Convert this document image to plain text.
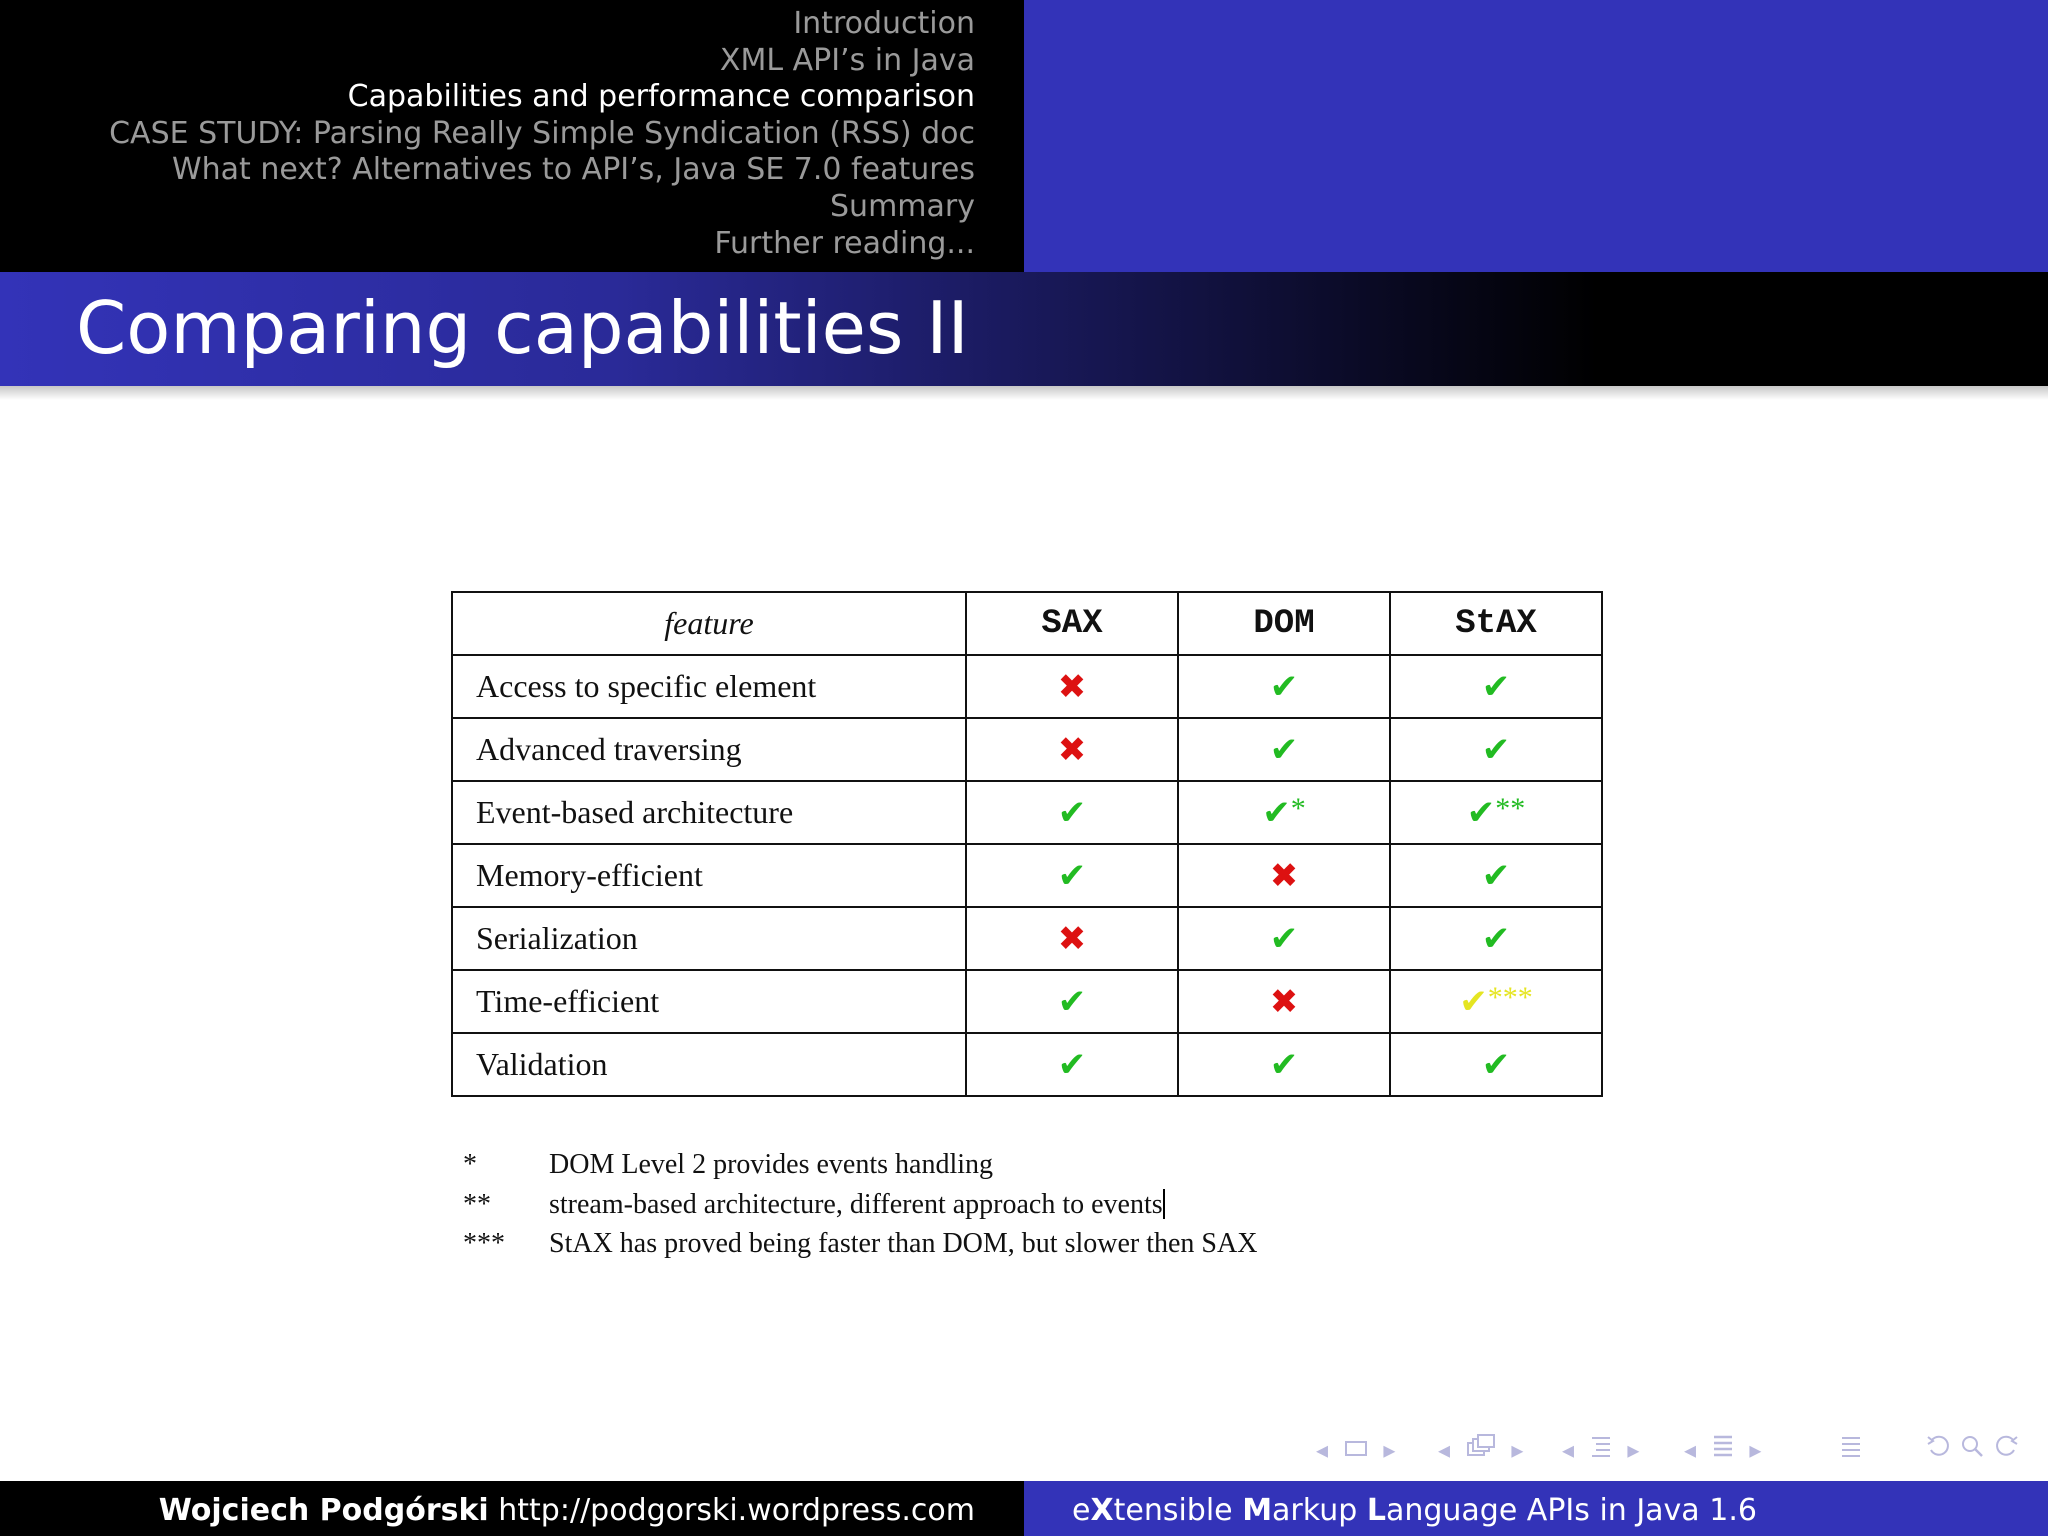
Introduction
XML API’s in Java
Capabilities and performance comparison
CASE STUDY: Parsing Really Simple Syndication (RSS) doc
What next? Alternatives to API’s, Java SE 7.0 features
Summary
Further reading...
Comparing capabilities II
feature	SAX	DOM	StAX
Access to specific element	✖	✔	✔
Advanced traversing	✖	✔	✔
Event-based architecture	✔	✔*	✔**
Memory-efficient	✔	✖	✔
Serialization	✖	✔	✔
Time-efficient	✔	✖	✔***
Validation	✔	✔	✔
*	DOM Level 2 provides events handling
** stream-based architecture, different approach to events
*** StAX has proved being faster than DOM, but slower then SAX
◂ ▸ ◂	▸ ◂ ▸ ◂ ▸

Wojciech Podgórski http://podgorski.wordpress.com	eXtensible Markup Language APIs in Java 1.6
